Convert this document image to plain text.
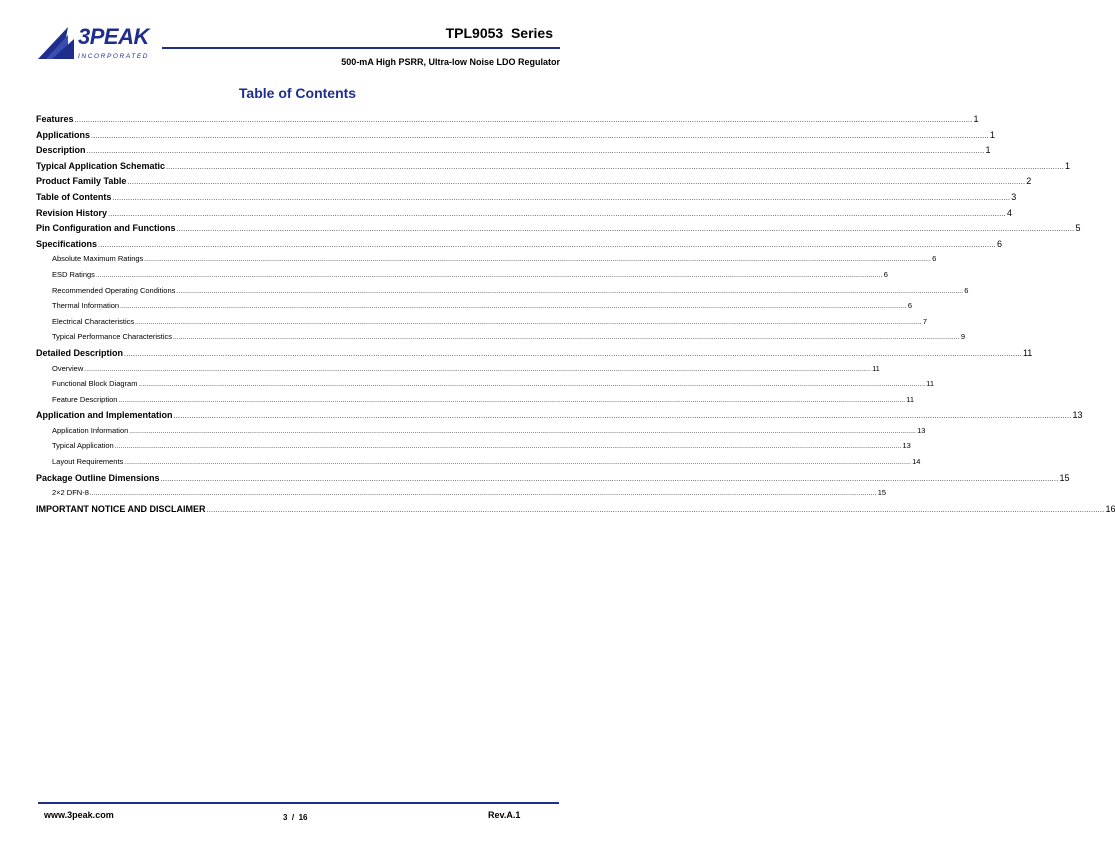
3PEAK
INCORPORATED
TPL9053  Series
500-mA High PSRR, Ultra-low Noise LDO Regulator
Table of Contents
Features ................................................................................................................................................................................................................................................................................................................................................................................................................ 1
Applications ................................................................................................................................................................................................................................................................................................................................................................................................................ 1
Description ................................................................................................................................................................................................................................................................................................................................................................................................................ 1
Typical Application Schematic ................................................................................................................................................................................................................................................................................................................................................................................................................ 1
Product Family Table ................................................................................................................................................................................................................................................................................................................................................................................................................ 2
Table of Contents ................................................................................................................................................................................................................................................................................................................................................................................................................ 3
Revision History ................................................................................................................................................................................................................................................................................................................................................................................................................ 4
Pin Configuration and Functions ................................................................................................................................................................................................................................................................................................................................................................................................................ 5
Specifications ................................................................................................................................................................................................................................................................................................................................................................................................................ 6
Absolute Maximum Ratings ................................................................................................................................................................................................................................................................................................................................................................................................................ 6
ESD Ratings ................................................................................................................................................................................................................................................................................................................................................................................................................ 6
Recommended Operating Conditions ................................................................................................................................................................................................................................................................................................................................................................................................................ 6
Thermal Information ................................................................................................................................................................................................................................................................................................................................................................................................................ 6
Electrical Characteristics ................................................................................................................................................................................................................................................................................................................................................................................................................ 7
Typical Performance Characteristics ................................................................................................................................................................................................................................................................................................................................................................................................................ 9
Detailed Description ................................................................................................................................................................................................................................................................................................................................................................................................................ 11
Overview ................................................................................................................................................................................................................................................................................................................................................................................................................ 11
Functional Block Diagram ................................................................................................................................................................................................................................................................................................................................................................................................................ 11
Feature Description ................................................................................................................................................................................................................................................................................................................................................................................................................ 11
Application and Implementation ................................................................................................................................................................................................................................................................................................................................................................................................................ 13
Application Information ................................................................................................................................................................................................................................................................................................................................................................................................................ 13
Typical Application ................................................................................................................................................................................................................................................................................................................................................................................................................ 13
Layout Requirements ................................................................................................................................................................................................................................................................................................................................................................................................................ 14
Package Outline Dimensions ................................................................................................................................................................................................................................................................................................................................................................................................................ 15
2×2 DFN-8 ................................................................................................................................................................................................................................................................................................................................................................................................................ 15
IMPORTANT NOTICE AND DISCLAIMER ................................................................................................................................................................................................................................................................................................................................................................................................................ 16
www.3peak.com	3  /  16	Rev.A.1
